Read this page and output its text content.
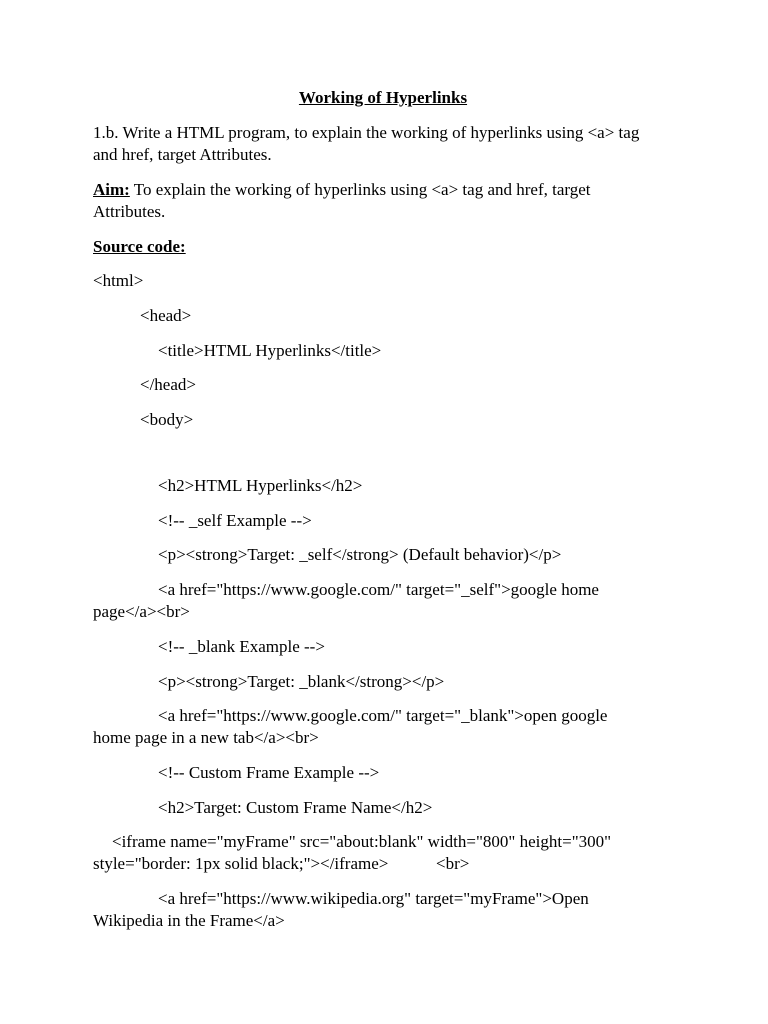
Working of Hyperlinks
1.b. Write a HTML program, to explain the working of hyperlinks using <a> tag
and href, target Attributes.
Aim: To explain the working of hyperlinks using <a> tag and href, target
Attributes.
Source code:
<html>
<head>
<title>HTML Hyperlinks</title>
</head>
<body>
<h2>HTML Hyperlinks</h2>
<!-- _self Example -->
<p><strong>Target: _self</strong> (Default behavior)</p>
<a href="https://www.google.com/" target="_self">google home
page</a><br>
<!-- _blank Example -->
<p><strong>Target: _blank</strong></p>
<a href="https://www.google.com/" target="_blank">open google
home page in a new tab</a><br>
<!-- Custom Frame Example -->
<h2>Target: Custom Frame Name</h2>
<iframe name="myFrame" src="about:blank" width="800" height="300"
style="border: 1px solid black;"></iframe>	<br>
<a href="https://www.wikipedia.org" target="myFrame">Open
Wikipedia in the Frame</a>
